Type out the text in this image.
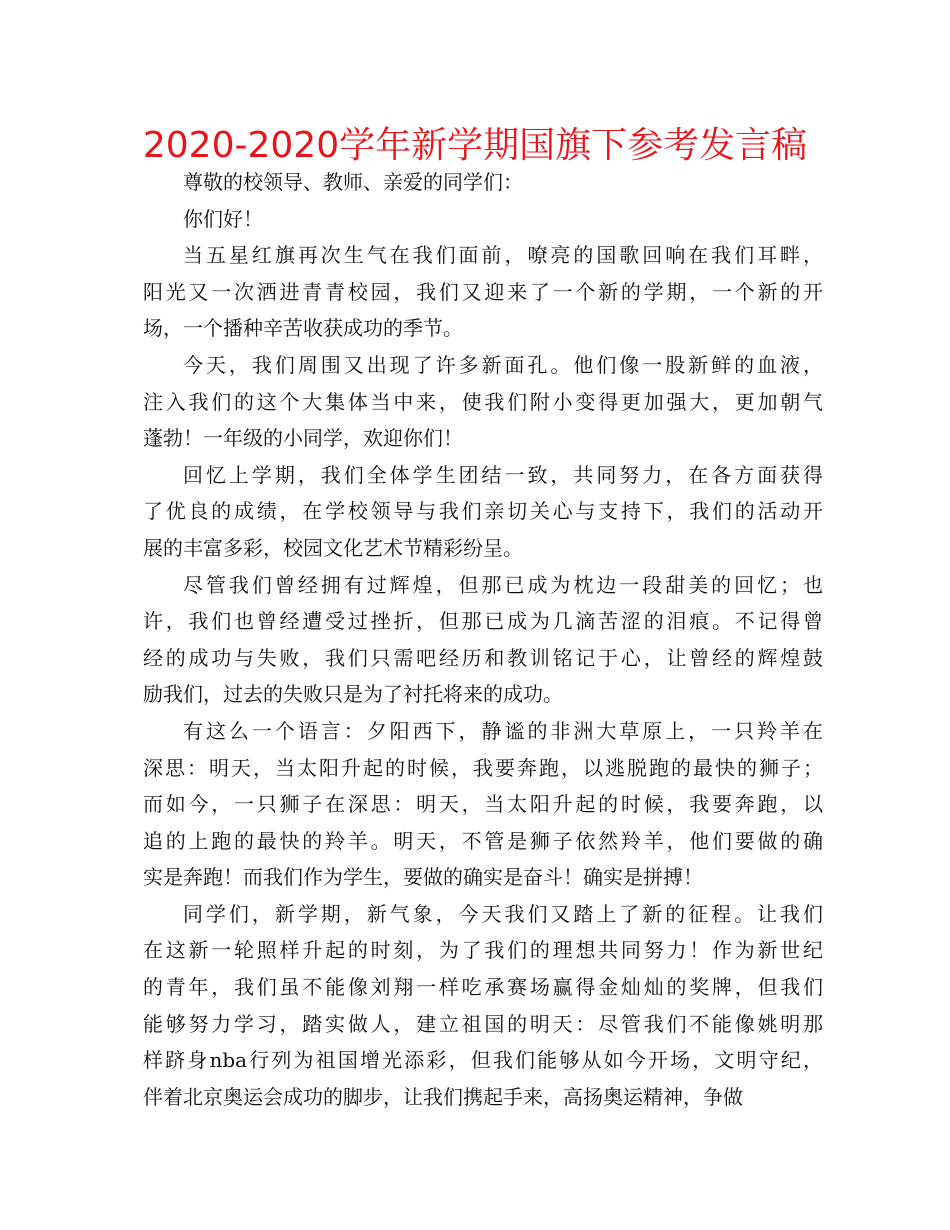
2020-2020学年新学期国旗下参考发言稿
尊敬的校领导、教师、亲爱的同学们：
你们好！
当五星红旗再次生气在我们面前，嘹亮的国歌回响在我们耳畔，
阳光又一次洒进青青校园，我们又迎来了一个新的学期，一个新的开
场，一个播种辛苦收获成功的季节。
今天，我们周围又出现了许多新面孔。他们像一股新鲜的血液，
注入我们的这个大集体当中来，使我们附小变得更加强大，更加朝气
蓬勃！一年级的小同学，欢迎你们！
回忆上学期，我们全体学生团结一致，共同努力，在各方面获得
了优良的成绩，在学校领导与我们亲切关心与支持下，我们的活动开
展的丰富多彩，校园文化艺术节精彩纷呈。
尽管我们曾经拥有过辉煌，但那已成为枕边一段甜美的回忆；也
许，我们也曾经遭受过挫折，但那已成为几滴苦涩的泪痕。不记得曾
经的成功与失败，我们只需吧经历和教训铭记于心，让曾经的辉煌鼓
励我们，过去的失败只是为了衬托将来的成功。
有这么一个语言：夕阳西下，静谧的非洲大草原上，一只羚羊在
深思：明天，当太阳升起的时候，我要奔跑，以逃脱跑的最快的狮子；
而如今，一只狮子在深思：明天，当太阳升起的时候，我要奔跑，以
追的上跑的最快的羚羊。明天，不管是狮子依然羚羊，他们要做的确
实是奔跑！而我们作为学生，要做的确实是奋斗！确实是拼搏！
同学们，新学期，新气象，今天我们又踏上了新的征程。让我们
在这新一轮照样升起的时刻，为了我们的理想共同努力！作为新世纪
的青年，我们虽不能像刘翔一样吃承赛场赢得金灿灿的奖牌，但我们
能够努力学习，踏实做人，建立祖国的明天：尽管我们不能像姚明那
样跻身nba行列为祖国增光添彩，但我们能够从如今开场，文明守纪，
伴着北京奥运会成功的脚步，让我们携起手来，高扬奥运精神，争做
